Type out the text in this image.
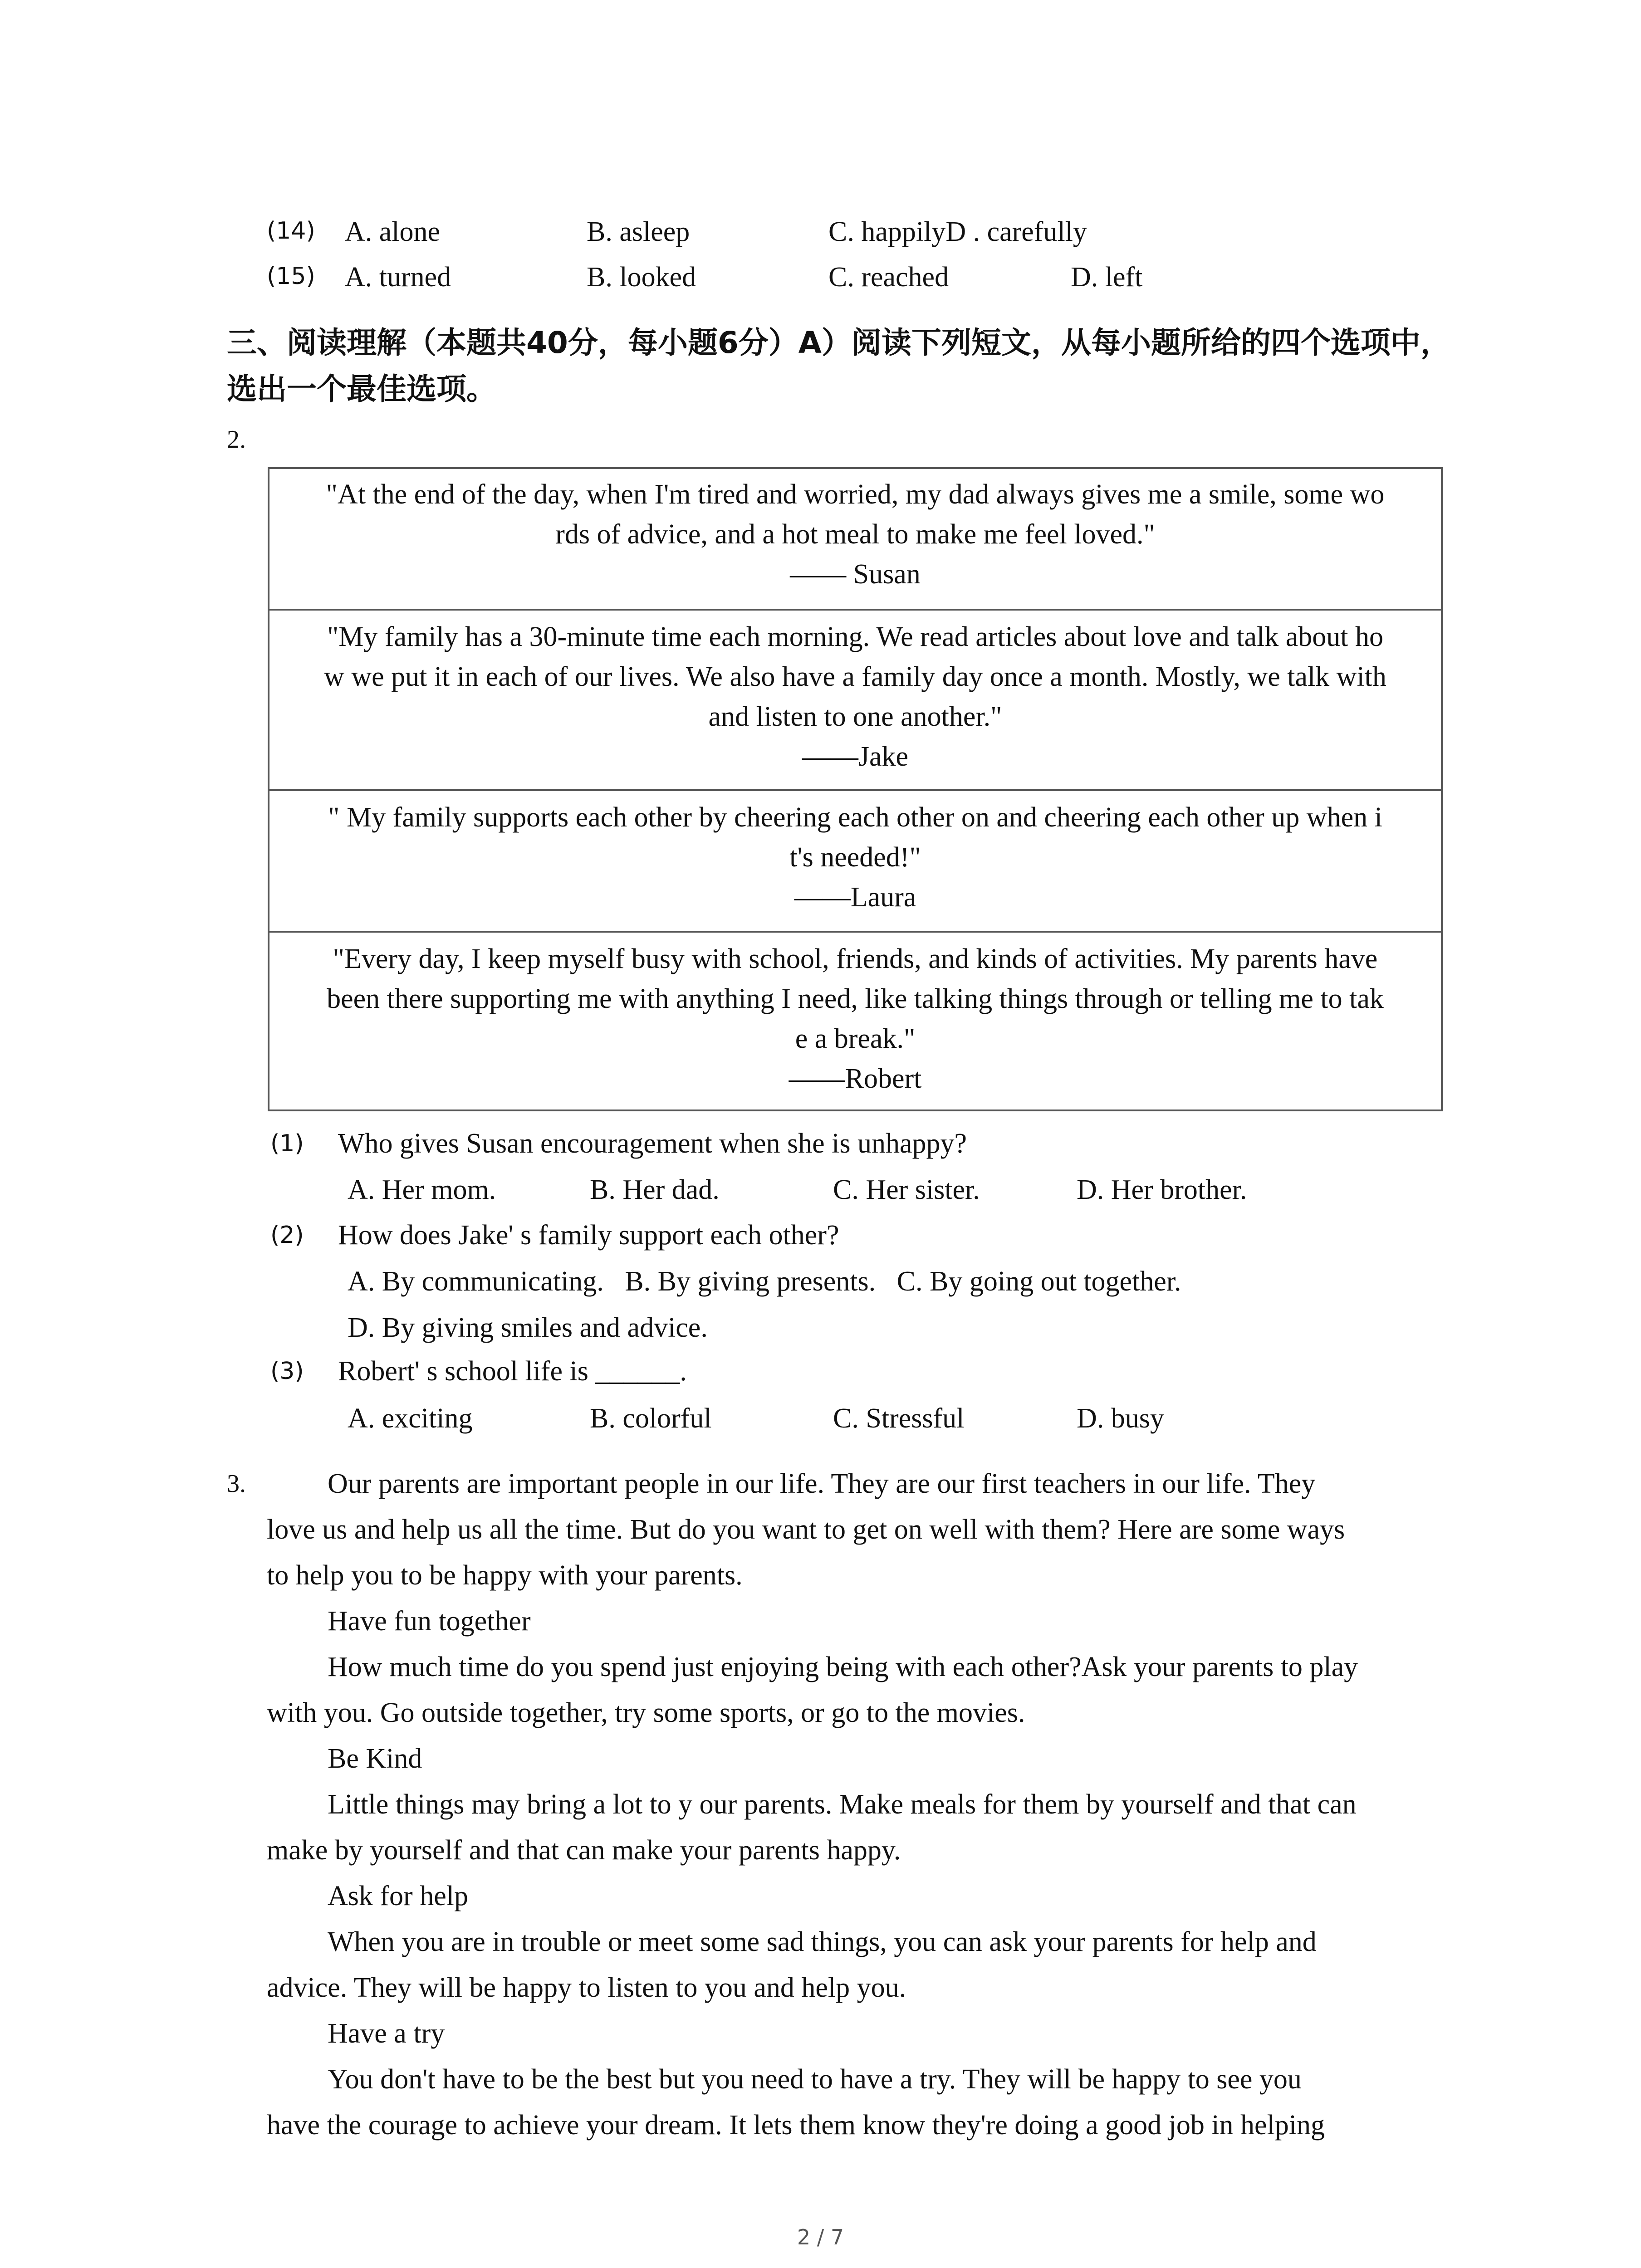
(14) A. alone	B. asleep	C. happilyD . carefully
(15) A. turned	B. looked	C. reached	D. left
三、阅读理解（本题共40分，每小题6分）A）阅读下列短文，从每小题所给的四个选项中，
选出一个最佳选项。
2.
"At the end of the day, when I'm tired and worried, my dad always gives me a smile, some wo
rds of advice, and a hot meal to make me feel loved."
—— Susan
"My family has a 30-minute time each morning. We read articles about love and talk about ho
w we put it in each of our lives. We also have a family day once a month. Mostly, we talk with
and listen to one another."
——Jake
" My family supports each other by cheering each other on and cheering each other up when i
t's needed!"
——Laura
"Every day, I keep myself busy with school, friends, and kinds of activities. My parents have
been there supporting me with anything I need, like talking things through or telling me to tak
e a break."
——Robert
(1) Who gives Susan encouragement when she is unhappy?
A. Her mom.	B. Her dad.	C. Her sister.	D. Her brother.
(2) How does Jake' s family support each other?
A. By communicating.   B. By giving presents.   C. By going out together.
D. By giving smiles and advice.
(3) Robert' s school life is ______.
A. exciting	B. colorful	C. Stressful	D. busy
3.	Our parents are important people in our life. They are our first teachers in our life. They
love us and help us all the time. But do you want to get on well with them? Here are some ways
to help you to be happy with your parents.
Have fun together
How much time do you spend just enjoying being with each other?Ask your parents to play
with you. Go outside together, try some sports, or go to the movies.
Be Kind
Little things may bring a lot to y our parents. Make meals for them by yourself and that can
make by yourself and that can make your parents happy.
Ask for help
When you are in trouble or meet some sad things, you can ask your parents for help and
advice. They will be happy to listen to you and help you.
Have a try
You don't have to be the best but you need to have a try. They will be happy to see you
have the courage to achieve your dream. It lets them know they're doing a good job in helping
2 / 7
